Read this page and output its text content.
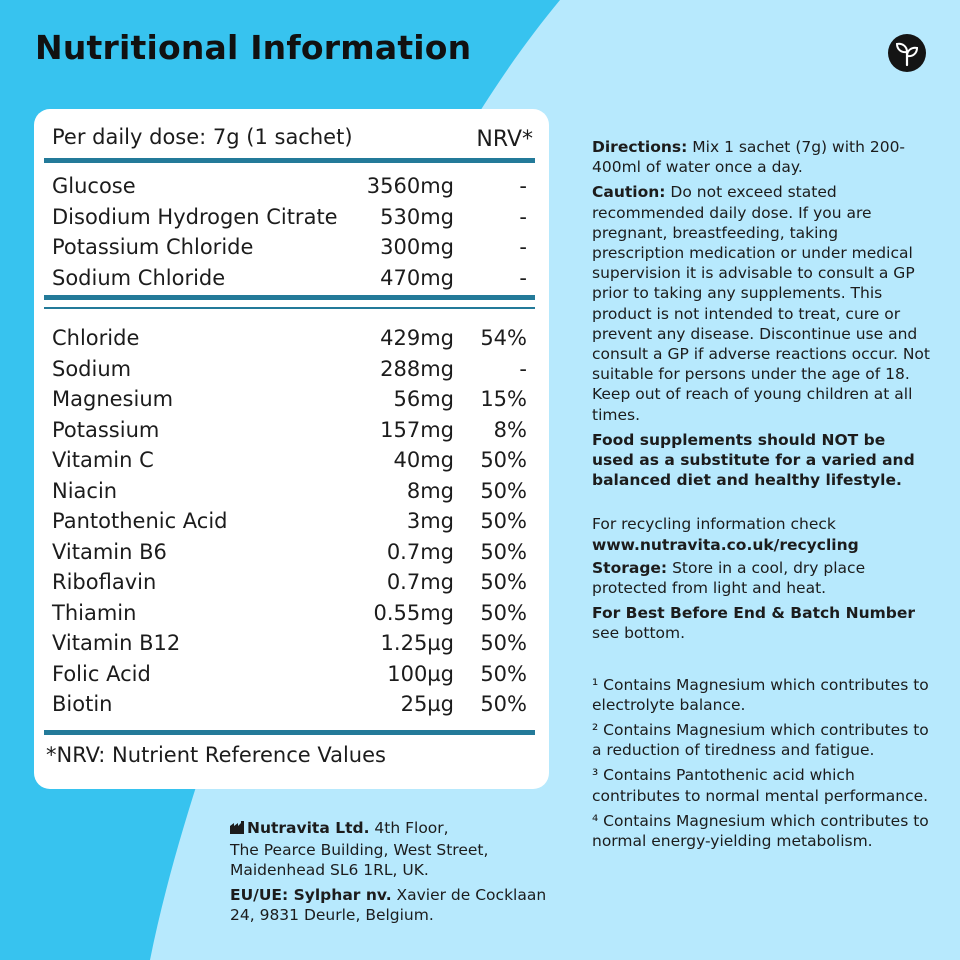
Nutritional Information
Per daily dose: 7g (1 sachet)	NRV*
Glucose	3560mg	-
Disodium Hydrogen Citrate 530mg	-
Potassium Chloride	300mg	-
Sodium Chloride	470mg	-
Chloride	429mg 54%
Sodium	288mg	-
Magnesium	56mg 15%
Potassium	157mg 8%
Vitamin C	40mg 50%
Niacin	8mg 50%
Pantothenic Acid	3mg 50%
Vitamin B6	0.7mg 50%
Riboflavin	0.7mg 50%
Thiamin	0.55mg 50%
Vitamin B12	1.25µg 50%
Folic Acid	100µg 50%
Biotin	25µg 50%
*NRV: Nutrient Reference Values

Directions: Mix 1 sachet (7g) with 200-400ml of water once a day.

Caution: Do not exceed stated recommended daily dose. If you are pregnant, breastfeeding, taking prescription medication or under medical supervision it is advisable to consult a GP prior to taking any supplements. This product is not intended to treat, cure or prevent any disease. Discontinue use and consult a GP if adverse reactions occur. Not suitable for persons under the age of 18. Keep out of reach of young children at all times.

Food supplements should NOT be used as a substitute for a varied and balanced diet and healthy lifestyle.

For recycling information check
www.nutravita.co.uk/recycling

Storage: Store in a cool, dry place protected from light and heat.

For Best Before End & Batch Number
see bottom.

¹ Contains Magnesium which contributes to electrolyte balance.

² Contains Magnesium which contributes to a reduction of tiredness and fatigue.

³ Contains Pantothenic acid which contributes to normal mental performance.

⁴ Contains Magnesium which contributes to normal energy-yielding metabolism.

Nutravita Ltd. 4th Floor,
The Pearce Building, West Street, Maidenhead SL6 1RL, UK.

EU/UE: Sylphar nv. Xavier de Cocklaan 24, 9831 Deurle, Belgium.
